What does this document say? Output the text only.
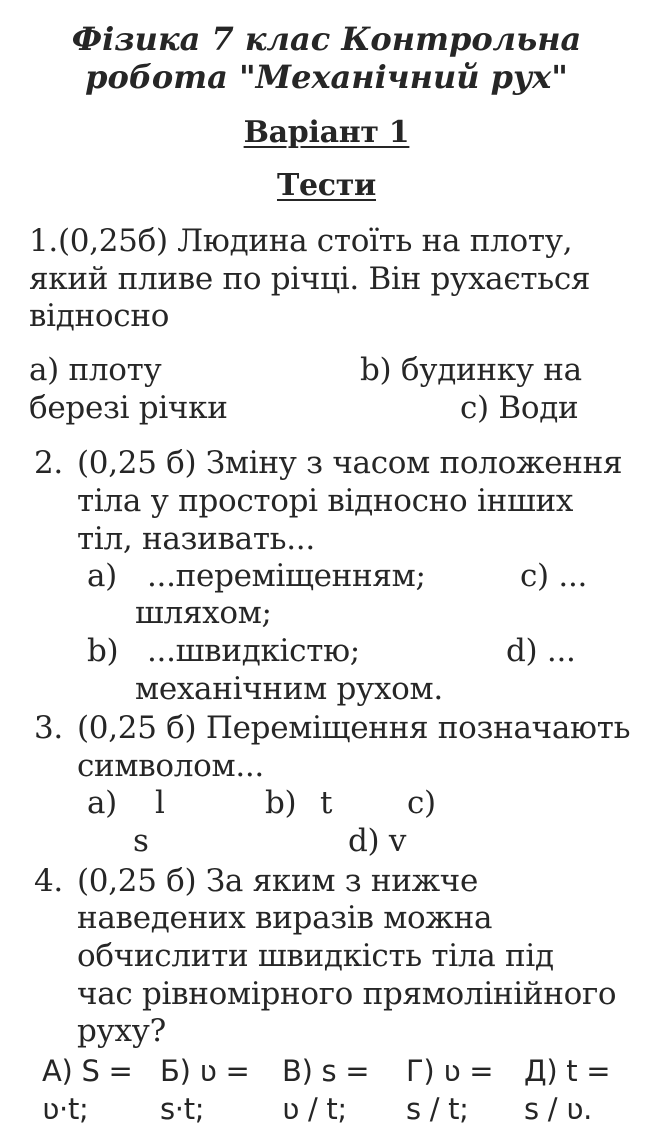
Фізика 7 клас Контрольна
робота "Механічний рух"
Варіант 1
Тести
1.(0,25б) Людина стоїть на плоту,
який пливе по річці. Він рухається
відносно
a) плоту	b) будинку на
березі річки	c) Води
2. (0,25 б) Зміну з часом положення
тіла у просторі відносно інших
тіл, називать...
a) ...переміщенням;	c) ...
шляхом;
b) ...швидкістю;	d) ...
механічним рухом.
3. (0,25 б) Переміщення позначають
символом...
a) l	b) t c)
s	d) v
4. (0,25 б) За яким з нижче
наведених виразів можна
обчислити швидкість тіла під
час рівномірного прямолінійного
руху?
A) S =
ʋ·t;
Б) ʋ =
s·t;
B) s =
ʋ / t;
Г) ʋ =
s / t;
Д) t =
s / ʋ.
